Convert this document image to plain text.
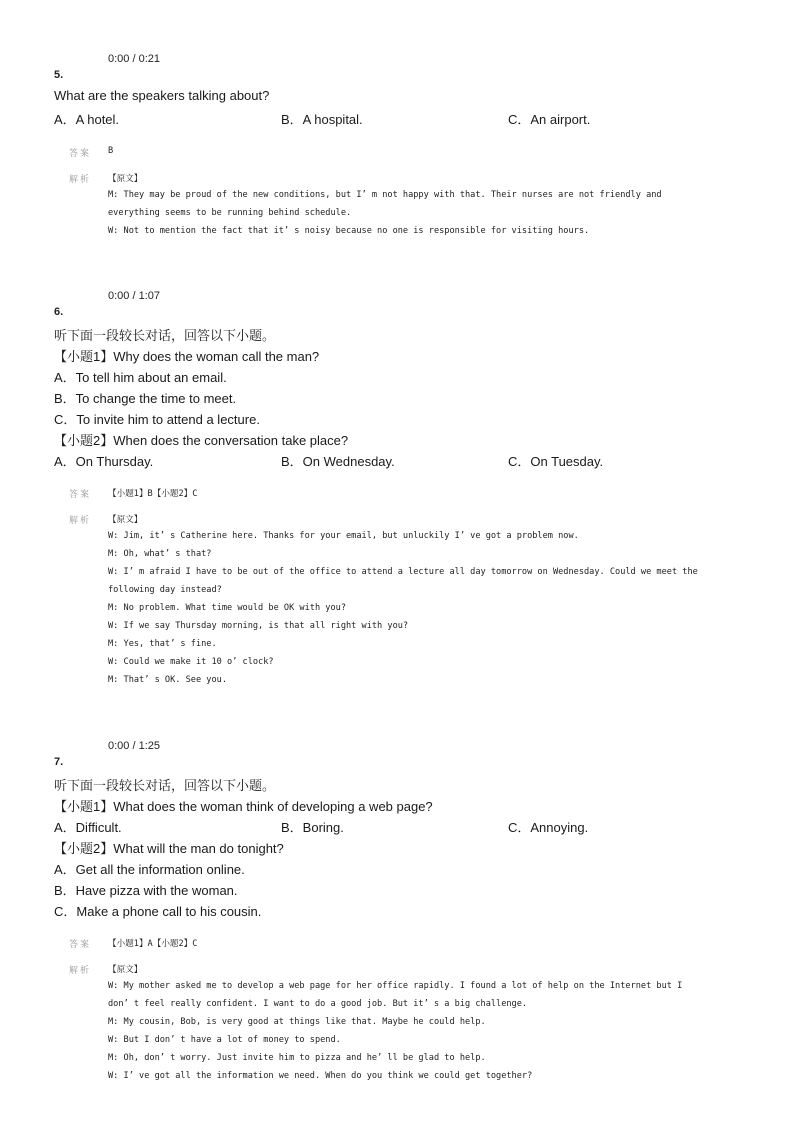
0:00 / 0:21
5.
What are the speakers talking about?
A．A hotel.	B．A hospital.	C．An airport.
答案 B
解析 【原文】
M: They may be proud of the new conditions, but I’ m not happy with that. Their nurses are not friendly and
everything seems to be running behind schedule.
W: Not to mention the fact that it’ s noisy because no one is responsible for visiting hours.
0:00 / 1:07
6.
听下面一段较长对话，回答以下小题。
【小题1】Why does the woman call the man?
A．To tell him about an email.
B．To change the time to meet.
C．To invite him to attend a lecture.
【小题2】When does the conversation take place?
A．On Thursday.	B．On Wednesday.	C．On Tuesday.
答案 【小题1】B【小题2】C
解析 【原文】
W: Jim, it’ s Catherine here. Thanks for your email, but unluckily I’ ve got a problem now.
M: Oh, what’ s that?
W: I’ m afraid I have to be out of the office to attend a lecture all day tomorrow on Wednesday. Could we meet the
following day instead?
M: No problem. What time would be OK with you?
W: If we say Thursday morning, is that all right with you?
M: Yes, that’ s fine.
W: Could we make it 10 o’ clock?
M: That’ s OK. See you.
0:00 / 1:25
7.
听下面一段较长对话，回答以下小题。
【小题1】What does the woman think of developing a web page?
A．Difficult.	B．Boring.	C．Annoying.
【小题2】What will the man do tonight?
A．Get all the information online.
B．Have pizza with the woman.
C．Make a phone call to his cousin.
答案 【小题1】A【小题2】C
解析 【原文】
W: My mother asked me to develop a web page for her office rapidly. I found a lot of help on the Internet but I
don’ t feel really confident. I want to do a good job. But it’ s a big challenge.
M: My cousin, Bob, is very good at things like that. Maybe he could help.
W: But I don’ t have a lot of money to spend.
M: Oh, don’ t worry. Just invite him to pizza and he’ ll be glad to help.
W: I’ ve got all the information we need. When do you think we could get together?
